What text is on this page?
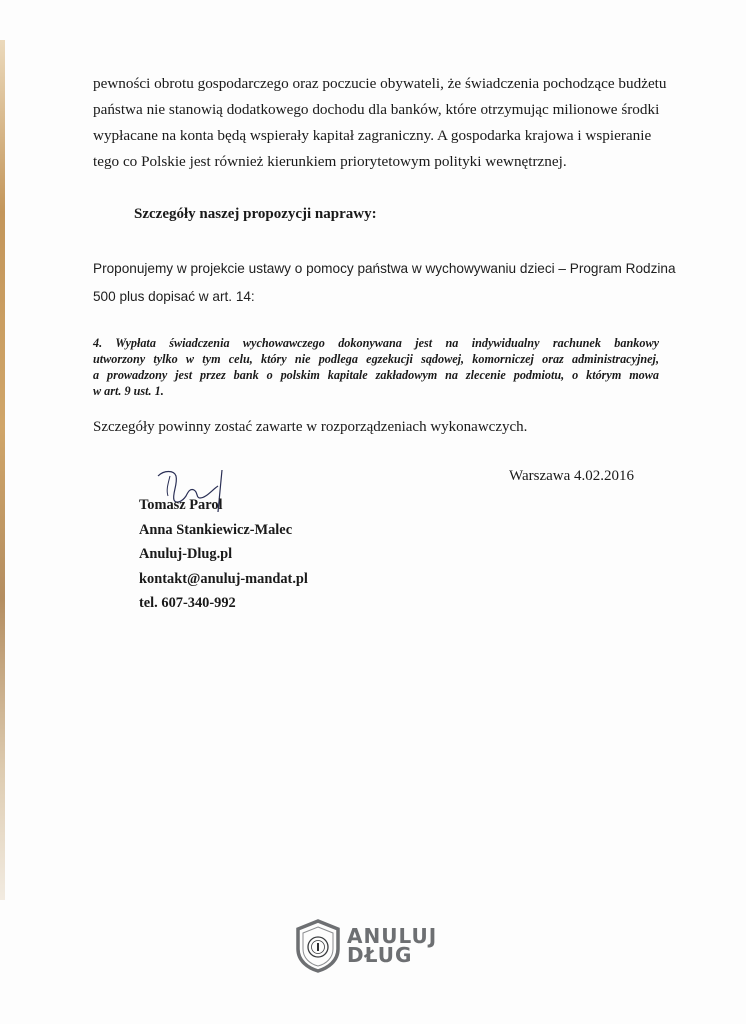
pewności obrotu gospodarczego oraz poczucie obywateli, że świadczenia pochodzące budżetu
państwa nie stanowią dodatkowego dochodu dla banków, które otrzymując milionowe środki
wypłacane na konta będą wspierały kapitał zagraniczny. A gospodarka krajowa i wspieranie
tego co Polskie jest również kierunkiem priorytetowym polityki wewnętrznej.
Szczegóły naszej propozycji naprawy:
Proponujemy w projekcie ustawy o pomocy państwa w wychowywaniu dzieci – Program Rodzina
500 plus dopisać w art. 14:
4. Wypłata świadczenia wychowawczego dokonywana jest na indywidualny rachunek bankowy
utworzony tylko w tym celu, który nie podlega egzekucji sądowej, komorniczej oraz administracyjnej,
a prowadzony jest przez bank o polskim kapitale zakładowym na zlecenie podmiotu, o którym mowa
w art. 9 ust. 1.
Szczegóły powinny zostać zawarte w rozporządzeniach wykonawczych.
Warszawa 4.02.2016
Tomasz Parol
Anna Stankiewicz-Malec
Anuluj-Dlug.pl
kontakt@anuluj-mandat.pl
tel. 607-340-992
ANULUJ
DŁUG
